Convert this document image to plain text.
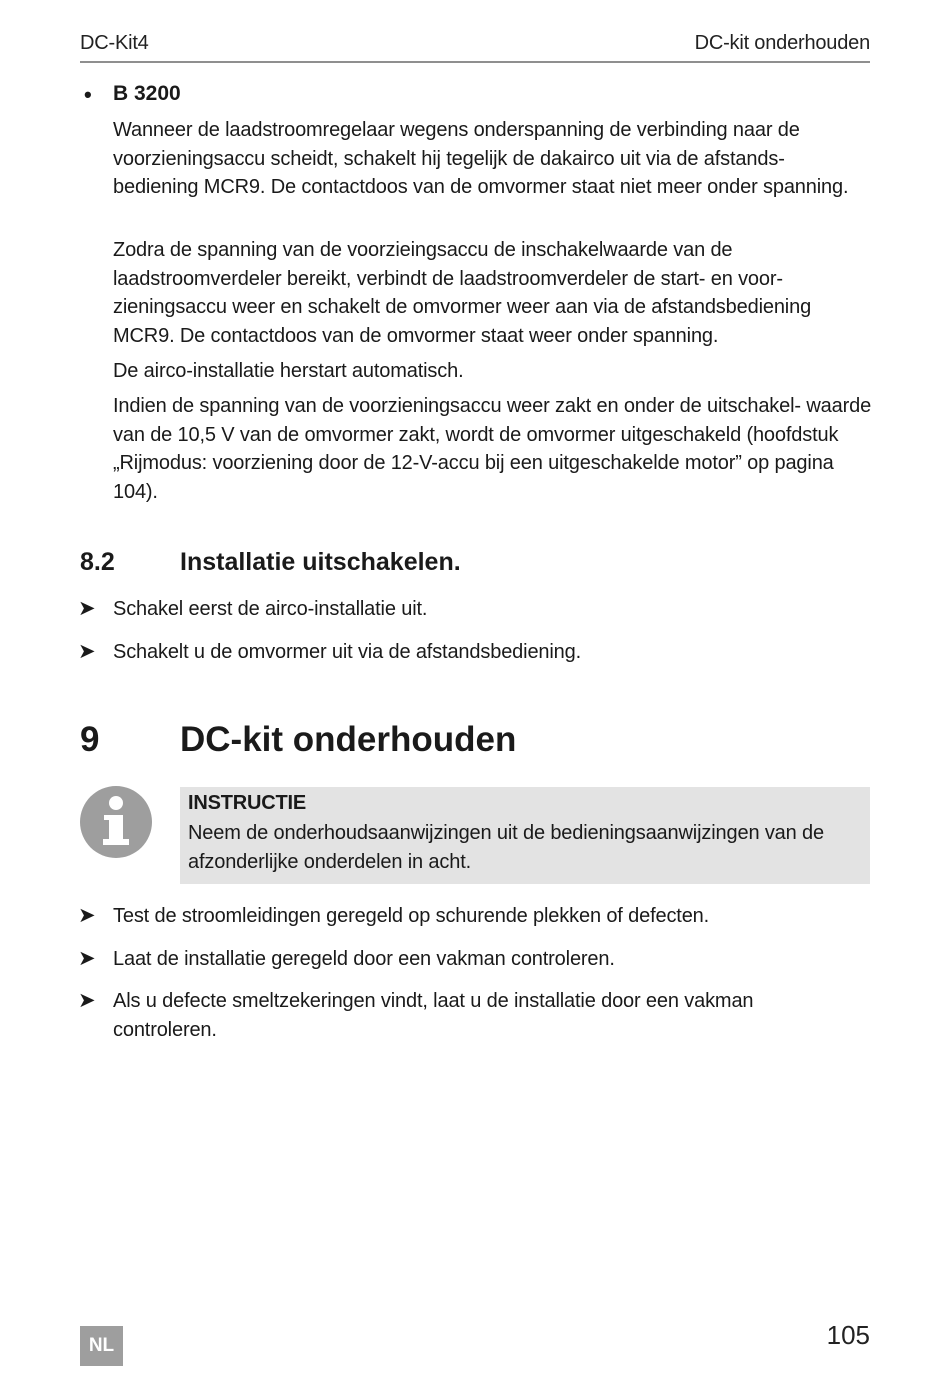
DC-Kit4	DC-kit onderhouden
• B 3200

Wanneer de laadstroomregelaar wegens onderspanning de verbinding naar de voorzieningsaccu scheidt, schakelt hij tegelijk de dakairco uit via de afstands- bediening MCR9. De contactdoos van de omvormer staat niet meer onder spanning.

Zodra de spanning van de voorzieingsaccu de inschakelwaarde van de laadstroomverdeler bereikt, verbindt de laadstroomverdeler de start- en voor- zieningsaccu weer en schakelt de omvormer weer aan via de afstandsbediening MCR9. De contactdoos van de omvormer staat weer onder spanning.

De airco-installatie herstart automatisch.

Indien de spanning van de voorzieningsaccu weer zakt en onder de uitschakel- waarde van de 10,5 V van de omvormer zakt, wordt de omvormer uitgeschakeld (hoofdstuk „Rijmodus: voorziening door de 12-V-accu bij een uitgeschakelde motor” op pagina 104).

8.2	Installatie uitschakelen.
➤ Schakel eerst de airco-installatie uit.

➤ Schakelt u de omvormer uit via de afstandsbediening.

9 DC-kit onderhouden
INSTRUCTIE

Neem de onderhoudsaanwijzingen uit de bedieningsaanwijzingen van de afzonderlijke onderdelen in acht.

➤ Test de stroomleidingen geregeld op schurende plekken of defecten.

➤ Laat de installatie geregeld door een vakman controleren.

➤ Als u defecte smeltzekeringen vindt, laat u de installatie door een vakman controleren.

NL	105
